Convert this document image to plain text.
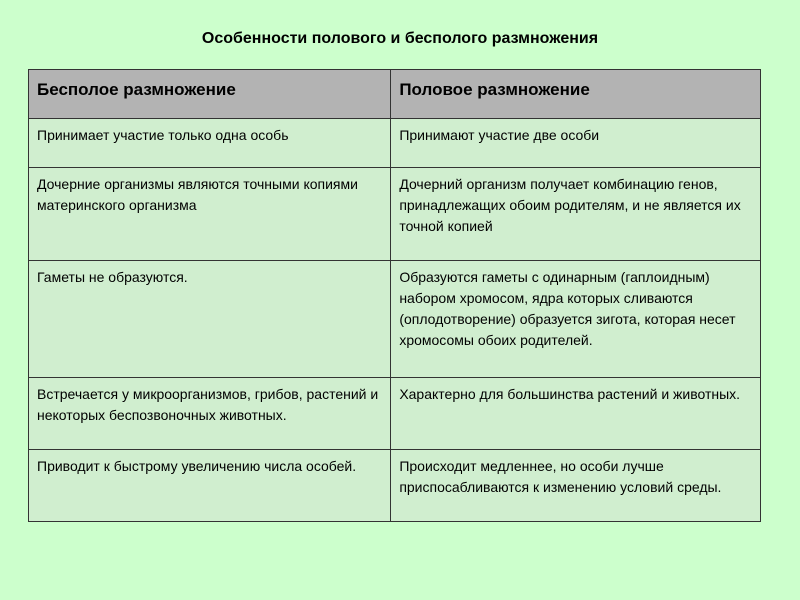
Особенности полового и бесполого размножения
Бесполое размножение	Половое размножение
Принимает участие только одна особь	Принимают участие две особи
Дочерние организмы являются точными копиями материнского организма	Дочерний организм получает комбинацию генов, принадлежащих обоим родителям, и не является их точной копией
Гаметы не образуются.	Образуются гаметы с одинарным (гаплоидным) набором хромосом, ядра которых сливаются (оплодотворение) образуется зигота, которая несет хромосомы обоих родителей.
Встречается у микроорганизмов, грибов, растений и некоторых беспозвоночных животных.	Характерно для большинства растений и животных.
Приводит к быстрому увеличению числа особей.	Происходит медленнее, но особи лучше приспосабливаются к изменению условий среды.
